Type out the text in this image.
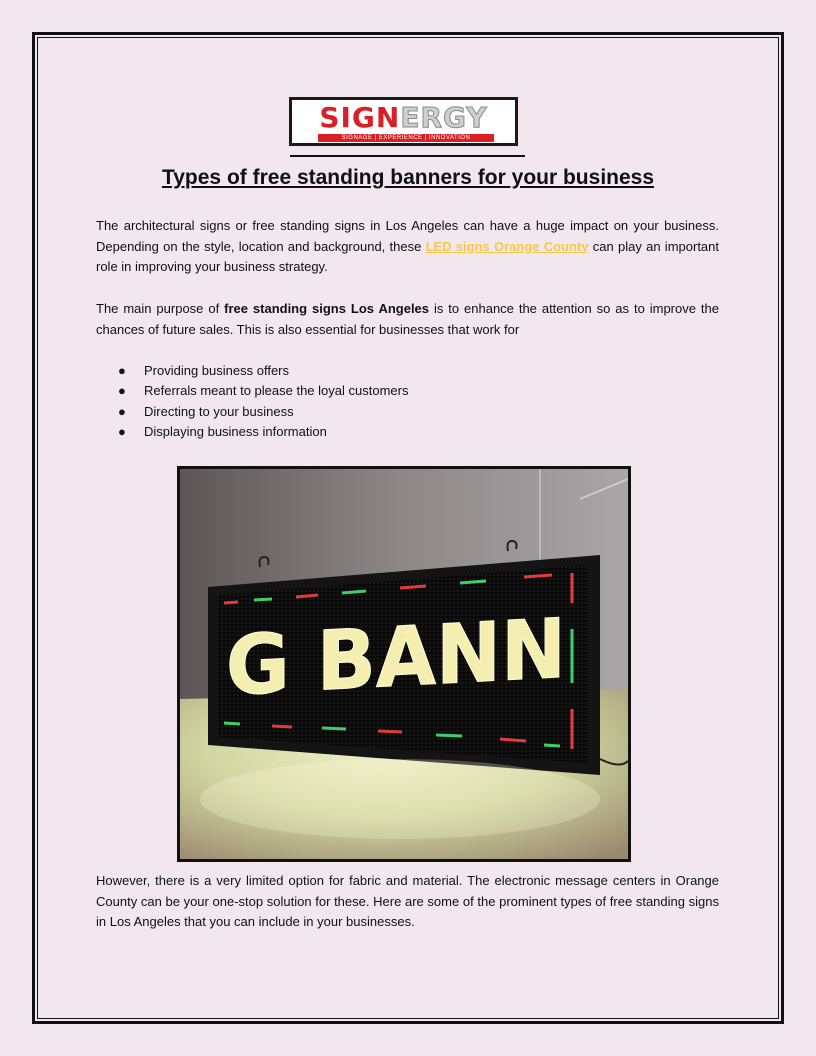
SIGNERGY
SIGNAGE | EXPERIENCE | INNOVATION
Types of free standing banners for your business
The architectural signs or free standing signs in Los Angeles can have a huge impact on your business. Depending on the style, location and background, these LED signs Orange County can play an important role in improving your business strategy.
The main purpose of free standing signs Los Angeles is to enhance the attention so as to improve the chances of future sales. This is also essential for businesses that work for
● Providing business offers
● Referrals meant to please the loyal customers
● Directing to your business
● Displaying business information
G BANN
However, there is a very limited option for fabric and material. The electronic message centers in Orange County can be your one-stop solution for these. Here are some of the prominent types of free standing signs in Los Angeles that you can include in your businesses.
